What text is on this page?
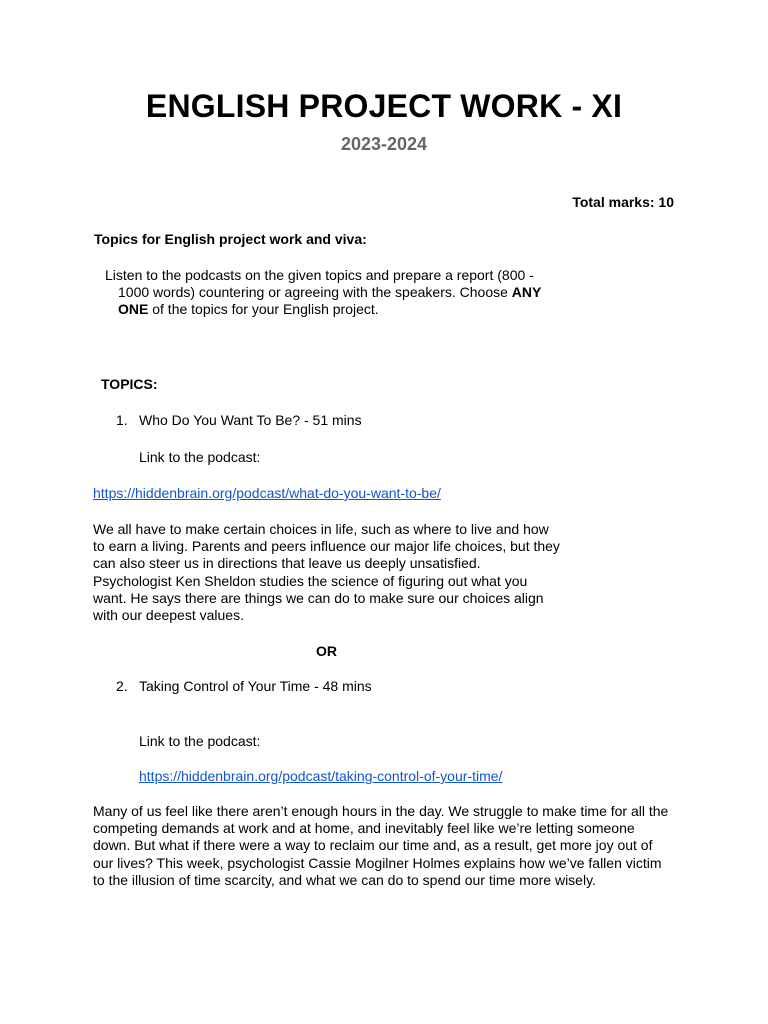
ENGLISH PROJECT WORK - XI
2023-2024
Total marks: 10
Topics for English project work and viva:

Listen to the podcasts on the given topics and prepare a report (800 - 1000 words) countering or agreeing with the speakers. Choose ANY ONE of the topics for your English project.

TOPICS:
1. Who Do You Want To Be? - 51 mins
Link to the podcast:
https://hiddenbrain.org/podcast/what-do-you-want-to-be/

We all have to make certain choices in life, such as where to live and how to earn a living. Parents and peers influence our major life choices, but they can also steer us in directions that leave us deeply unsatisfied. Psychologist Ken Sheldon studies the science of figuring out what you want. He says there are things we can do to make sure our choices align with our deepest values.

OR
2. Taking Control of Your Time - 48 mins
Link to the podcast:
https://hiddenbrain.org/podcast/taking-control-of-your-time/

Many of us feel like there aren’t enough hours in the day. We struggle to make time for all the competing demands at work and at home, and inevitably feel like we’re letting someone down. But what if there were a way to reclaim our time and, as a result, get more joy out of our lives? This week, psychologist Cassie Mogilner Holmes explains how we’ve fallen victim to the illusion of time scarcity, and what we can do to spend our time more wisely.
